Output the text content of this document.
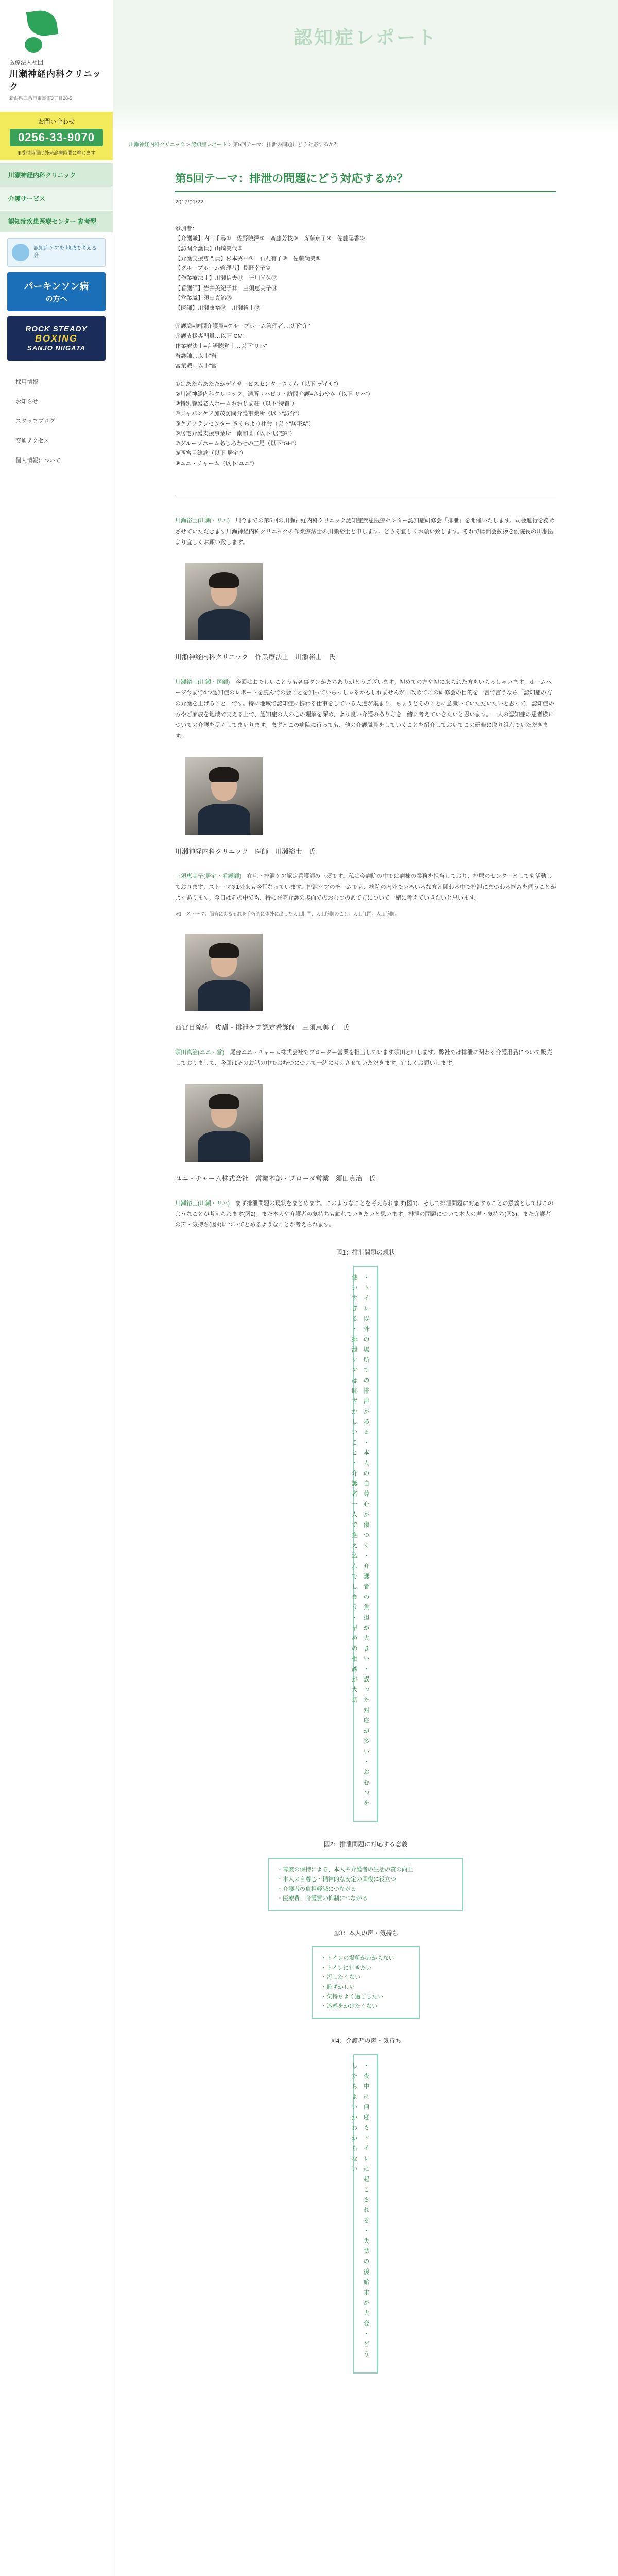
医療法人社団
川瀬神経内科クリニック
新潟県三条市東裏館3丁目28-5
お問い合わせ
0256-33-9070
※受付時間は外来診療時間に準じます
川瀬神経内科クリニック
介護サービス
認知症疾患医療センター 参考型
認知症ケアを 地域で考える会
パーキンソン病
の方へ
ROCK STEADY
BOXING
SANJO NIIGATA
採用情報
お知らせ
スタッフブログ
交通アクセス
個人情報について
認知症レポート
川瀬神経内科クリニック > 認知症レポート > 第5回テーマ：排泄の問題にどう対応するか？
第5回テーマ：排泄の問題にどう対応するか？
2017/01/22
参加者：
【介護職】内山千尋①　佐野暁澤②　斎藤芳枝③　斉藤京子④　佐藤陽香⑤
【訪問介護員】山崎美代⑥
【介護支援専門員】杉本秀平⑦　石丸有子⑧　佐藤尚美⑨
【グループホーム管理者】長野幸子⑩
【作業療法士】川瀬信夫⑪　皆川尚久⑫
【看護師】岩井美紀子⑬　三須恵美子⑭
【営業職】須田真治⑮
【医師】川瀬康裕⑯　川瀬裕士⑰
介護職=訪問介護員=グループホーム管理者…以下“介”
介護支援専門員…以下“CM”
作業療法士=言語聴覚士…以下“リハ”
看護師…以下“看”
営業職…以下“営”
①はあたらあたたかデイサービスセンターさくら（以下“デイサ”）
②川瀬神経内科クリニック、通所リハビリ・訪問介護=さわやか（以下“リハ”）
③特別養護老人ホームおおじま荘（以下“特養”）
④ジャパンケア加茂訪問介護事業所（以下“訪介”）
⑤ケアプランセンター さくらより社会（以下“居宅A”）
⑥居宅介護支援事業所　南和薗（以下“居宅B”）
⑦グループホームあじあわせの工場（以下“GH”）
⑧西宮目線病（以下“居宅”）
⑨ユニ・チャーム（以下“ユニ”）

川瀬裕士(川瀬・リハ)　川今までの第5回の川瀬神経内科クリニック認知症疾患医療センター認知症研修会「排泄」を開催いたします。司会進行を務めさせていただきます川瀬神経内科クリニックの作業療法士の川瀬裕士と申します。どうぞ宜しくお願い致します。それでは開会挨拶を副院長の川瀬医より宜しくお願い致します。

川瀬神経内科クリニック　作業療法士　川瀬裕士　氏

川瀬裕士(川瀬・医師)　今回はおでしいことうも各事ダンかたちありがとうございます。初めての方や初に来られた方もいらっしゃいます。ホームページ今まで4つ認知症のレポートを読んでの会ことを知っていらっしゃるかもしれませんが、改めてこの研修会の目的を一言で言うなら「認知症の方の介護を上げること」です。特に地域で認知症に携わる仕事をしている人達が集まり、ちょうどそのことに意識いていただいたいと思って、認知症の方やご家族を地域で支える上で、認知症の人の心の理解を深め、より良い介護のあり方を一緒に考えていきたいと思います。一人の認知症の患者様についての介護を尽くしてまいります。まずどこの病院に行っても、他の介護職員をしていくことを紹介しておいてこの研修に取り組んでいただきます。

川瀬神経内科クリニック　医師　川瀬裕士　氏

三須恵美子(居宅・看護師)　在宅・排泄ケア認定看護師の三須です。私は今病院の中では病棟の業務を担当しており、排尿のセンターとしても活動しております。ストーマ※1外来も今行なっています。排泄ケアのチームでも、病院の内外でいろいろな方と関わる中で排泄にまつわる悩みを伺うことがよくあります。今日はその中でも、特に在宅介護の場面でのおむつのあて方について一緒に考えていきたいと思います。

※1　ストーマ：腸管にあるそれを手術的に体外に出した人工肛門、人工膀胱のこと。人工肛門。人工膀胱。
西宮目線病　皮膚・排泄ケア認定看護師　三須恵美子　氏

須田真治(ユニ・営)　尾台ユニ・チャーム株式会社でブローダー営業を担当しています須田と申します。弊社では排泄に関わる介護用品について販売しておりまして、今回はそのお話の中でおむつについて一緒に考えさせていただきます。宜しくお願いします。

ユニ・チャーム株式会社　営業本部・ブローダ営業　須田真治　氏

川瀬裕士(川瀬・リハ)　まず排泄問題の現状をまとめます。このようなことを考えられます(図1)。そして排泄問題に対応することの意義としてはこのようなことが考えられます(図2)。また本人や介護者の気持ちも触れていきたいと思います。排泄の問題について本人の声・気持ち(図3)、また介護者の声・気持ち(図4)についてとめるようなことが考えられます。

図1：排泄問題の現状
・トイレ以外の場所での排泄がある・本人の自尊心が傷つく・介護者の負担が大きい・誤った対応が多い・おむつを使いすぎる・排泄ケアは恥ずかしいこと・介護者一人で抱え込んでしまう・早めの相談が大切
図2：排泄問題に対応する意義
・尊厳の保持による、本人や介護者の生活の質の向上
・本人の自尊心・精神的な安定の回復に役立つ
・介護者の負担軽減につながる
・医療費、介護費の抑制につながる
図3：本人の声・気持ち
・トイレの場所がわからない
・トイレに行きたい
・汚したくない
・恥ずかしい
・気持ちよく過ごしたい
・迷惑をかけたくない
図4：介護者の声・気持ち
・夜中に何度もトイレに起こされる・失禁の後始末が大変・どうしたらよいかわからない
